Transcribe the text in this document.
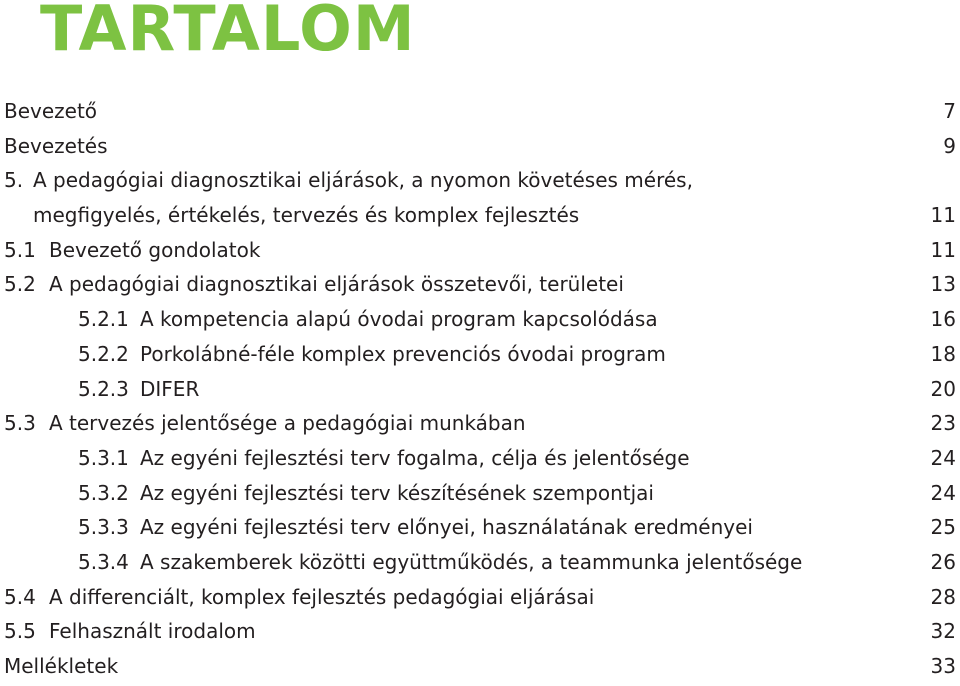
TARTALOM
Bevezető	7
Bevezetés	9
5. A pedagógiai diagnosztikai eljárások, a nyomon követéses mérés,
megfigyelés, értékelés, tervezés és komplex fejlesztés	11
5.1 Bevezető gondolatok	11
5.2 A pedagógiai diagnosztikai eljárások összetevői, területei	13
5.2.1 A kompetencia alapú óvodai program kapcsolódása	16
5.2.2 Porkolábné-féle komplex prevenciós óvodai program	18
5.2.3 DIFER	20
5.3 A tervezés jelentősége a pedagógiai munkában	23
5.3.1 Az egyéni fejlesztési terv fogalma, célja és jelentősége	24
5.3.2 Az egyéni fejlesztési terv készítésének szempontjai	24
5.3.3 Az egyéni fejlesztési terv előnyei, használatának eredményei	25
5.3.4 A szakemberek közötti együttműködés, a teammunka jelentősége	26
5.4 A differenciált, komplex fejlesztés pedagógiai eljárásai	28
5.5 Felhasznált irodalom	32
Mellékletek	33
